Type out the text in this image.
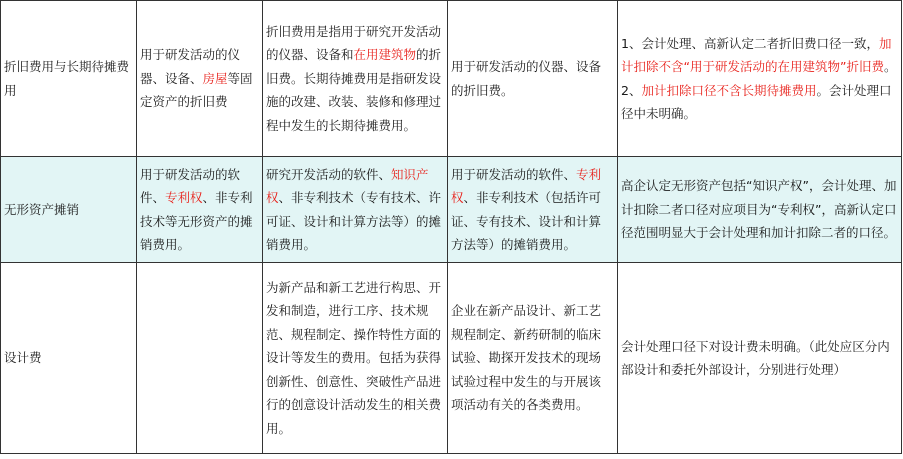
折旧费用与长期待摊费用	用于研发活动的仪器、设备、房屋等固定资产的折旧费	折旧费用是指用于研究开发活动的仪器、设备和在用建筑物的折旧费。长期待摊费用是指研发设施的改建、改装、装修和修理过程中发生的长期待摊费用。	用于研发活动的仪器、设备的折旧费。	1、会计处理、高新认定二者折旧费口径一致，加计扣除不含“用于研发活动的在用建筑物”折旧费。2、加计扣除口径不含长期待摊费用。会计处理口径中未明确。
无形资产摊销	用于研发活动的软件、专利权、非专利技术等无形资产的摊销费用。	研究开发活动的软件、知识产权、非专利技术（专有技术、许可证、设计和计算方法等）的摊销费用。	用于研发活动的软件、专利权、非专利技术（包括许可证、专有技术、设计和计算方法等）的摊销费用。	高企认定无形资产包括“知识产权”，会计处理、加计扣除二者口径对应项目为“专利权”，高新认定口径范围明显大于会计处理和加计扣除二者的口径。
设计费		为新产品和新工艺进行构思、开发和制造，进行工序、技术规范、规程制定、操作特性方面的设计等发生的费用。包括为获得创新性、创意性、突破性产品进行的创意设计活动发生的相关费用。	企业在新产品设计、新工艺规程制定、新药研制的临床试验、勘探开发技术的现场试验过程中发生的与开展该项活动有关的各类费用。	会计处理口径下对设计费未明确。（此处应区分内部设计和委托外部设计，分别进行处理）
